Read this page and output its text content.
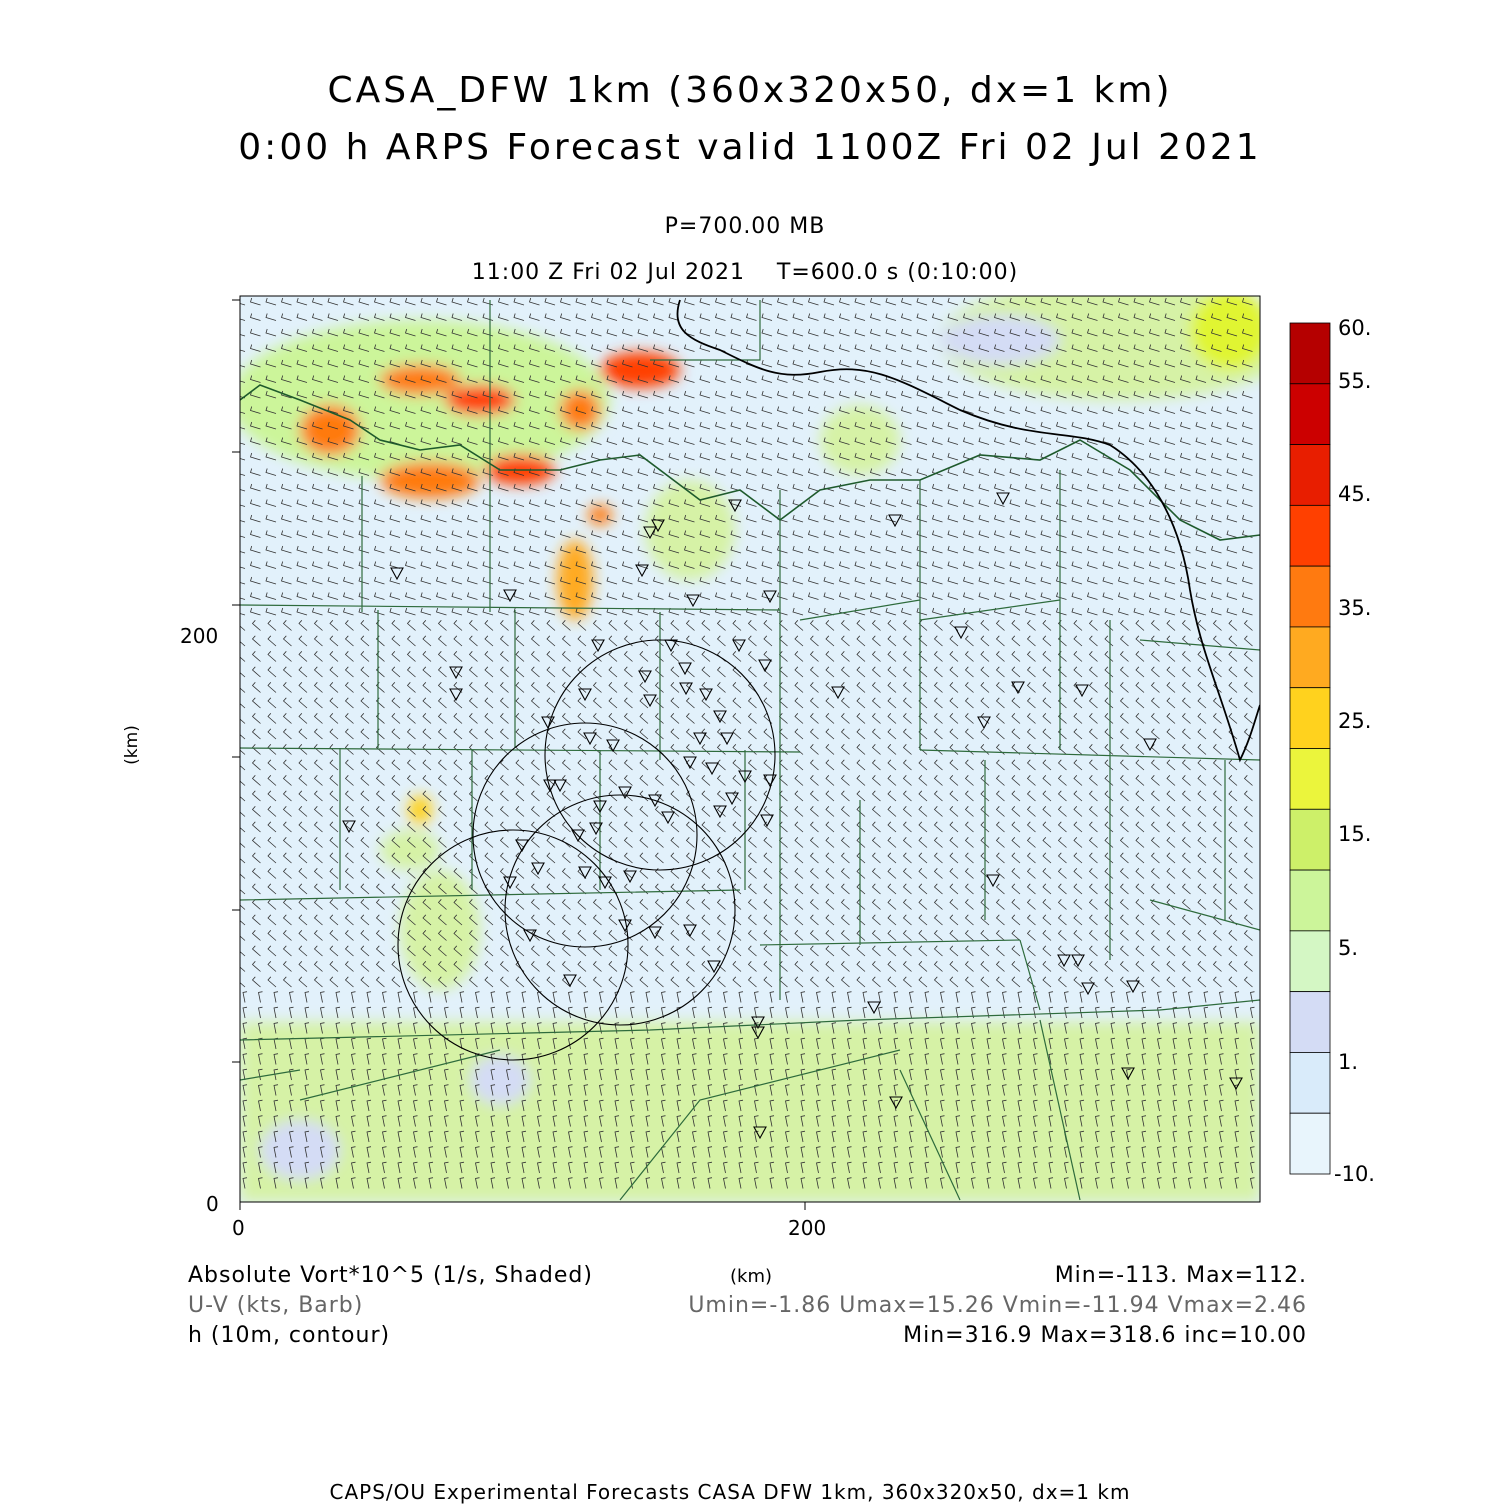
CASA_DFW 1km (360x320x50, dx=1 km)
0:00 h ARPS Forecast valid 1100Z Fri 02 Jul 2021
P=700.00 MB
11:00 Z Fri 02 Jul 2021    T=600.0 s (0:10:00)
200
0
0	200
(km)
60.
55.
45.
35.
25.
15.
5.
1.
-10.
Absolute Vort*10^5 (1/s, Shaded)
U-V (kts, Barb)
h (10m, contour)
(km)	Min=-113. Max=112.
Umin=-1.86 Umax=15.26 Vmin=-11.94 Vmax=2.46
Min=316.9 Max=318.6 inc=10.00
CAPS/OU Experimental Forecasts CASA DFW 1km, 360x320x50, dx=1 km
